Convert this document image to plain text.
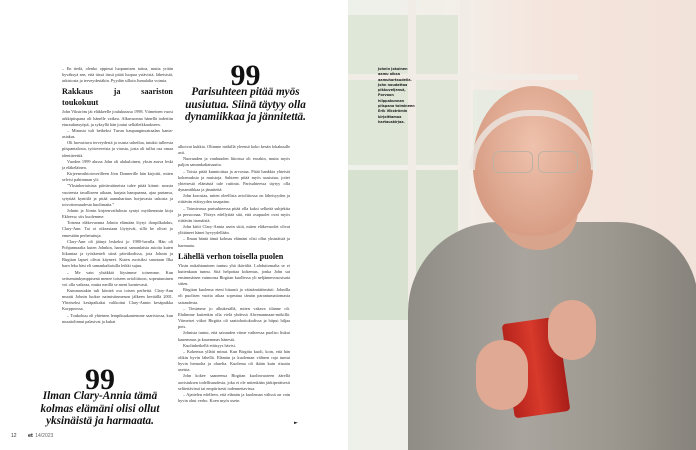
– En tiedä, olenko oppinut luopumisen taitoa, mutta yritän hyväksyä sen, että tässä iässä pitää luopua ystävistä, läheisistä, arkistosta ja terveydestäkin. Pyydän silloin Jumalalta voimia.

Rakkaus ja saariston toukokuut

John Vikström jäi eläkkeelle joulukuussa 1998. Viimeinen vuosi arkkipiispana oli hänelle vaikea. Alkuvuonna hänellä todettiin eturauhassyöpä, ja syksyllä hän joutui selkäleikkaukseen.

– Minusta tuli betkeksi Turun kaupunginsairaalan kanta-asiakas.

Oli luovuttava terveydestä ja osasta urheilua, tutuksi tulleesta piispantalosta, työtovereista ja virasta, josta oli tullut osa omaa identiteettiä.

Vuoden 1999 alussa John oli alakuloinen, yksin asuva leski ja eläkeläinen.

Kirjeenvaihtotoverilleen Jörn Donnerille hän kirjoitti, miten selvisi pahimman yli:

”Yksinkertaisista päivärutiineista tulee pitää kiinni: nousta vuoteesta tavalliseen aikaan, harjata hampaansa, ajaa partansa, sytyttää kynttilä ja pitää aamuhartaus horjuvasta uskosta ja toivottomuudesta huolimatta.”

Johnin ja Jörnin kirjeenvaihdosta syntyi myöhemmin kirja Ekleesw, sits kuolemme.

Toisena eläkevuonna Johnin elämään löytyi ilonpilkahdus, Clary-Ann. Tai oi oikeastaan löytyivät, sillä he olivat jo ennestään perhetuttuja.

Clary-Ann oli jäänyt leskeksi jo 1980-luvulla. Hän oli Pohjanmaalta kuten Johnkin, harrasti samanlaisia asioita kuten liikuntaa ja työskenteli siinä päiväkodissa, jota Johnin ja Birgitan lapset olivat käyneet. Kuten ruotsiksi sanotaan Ilka barn leka bäst eli samankaltaisilla leikki sujuu.

– Me vain yhtäkkiä löysimme toisemme. Kun seitsemänkymppisenä menee toiseen avioliittoon, sopeutuminen voi olla vaikeaa, mutta meillä se meni luontevasti.

Kummastakin tuli kiinteä osa toisen perhettä. Clary-Ann muutti Johnin luokse naimisiinmenon jälkeen keväällä 2001. Yhteiseksi kesäpaikaksi valikoitui Clary-Annin kesäpaikka Korppoossa.

– Toukokuu oli yhteinen lempikuukautemme saaristossa, kun muuttolinnut palasivat ja kukat

99
Parisuhteen pitää myös uusiutua. Siinä täytyy olla dynamiikkaa ja jännitettä.

alkoivat kukkia. Olimme mökillä yleensä koko kesän lokakuulle asti.

Nuoruuden ja vanhuuden liitoissa oli eroakin, mutta myös paljon samankaltaisuutta.

– Toista pitää kunnioittaa ja arvostaa. Pitää hankkia yhteisiä kokemuksia ja muistoja. Suhteen pitää myös uusiutua, jottei yhteisestä elämästä tule rutiinia. Parisuhteessa täytyy olla dynamiikkaa ja jännitettä.

John korostaa, miten oleellista avioliitossa on läheisyyden ja riittävän etäisyyden tasapaino.

– Toimivassa parisuhteessa pitää olla kaksi selkeää subjektia ja persoonaa. Yhteys edellyttää sitä, että osapuolet ovat myös riittävän itsenäisiä.

John kiitti Clary-Annia usein siitä, miten eläkevuodet olivat ylittäneet hänet hyvyydellään.

– Ilman häntä tämä kolmas elämäni olisi ollut yksinäistä ja harmaata.

Lähellä verhon toisella puolen

Yksin nukahtaminen tuntuu yhä ikävältä. Lohduttomalta se ei kuitenkaan tunnu. Sitä helpottaa kokemus, jonka John sai ensimmäisen vaimonsa Birgitan kuollessa yli neljännesvuosisata sitten.

Birgitan kuolema eteni hitaasti ja väistämättömästi. Johnilla oli puolisen vuotta aikaa sopeutua tämän parantumattomasta sairaudesta.

– Tiesimme jo alkukesällä, miten vakava tilanne oli. Ehdimme kuitenkin olla vielä yhdessä Ahvenanmaan-mökillä. Viimeiset viikot Birgitta oli saattohoitokodissa ja hiipui hiljaa pois.

Johnista tuntui, että sairauden viime vaiheessa puoliso liukui kauemmas ja kauemmas hänestä.

Kuolinhetkellä etäisyys hävisi.

– Kokemus yllätti minut. Kun Birgitta kuoli, koin, että hän olikin hyvin lähellä. Elämän ja kuoleman välinen raja tuntui hyvin hennolta ja ohuelta. Kuolema oli ikään kuin riisuttu aseista.

John kokee saaneensa Birgitan kuolinvuoteen äärellä aavistuksen todellisuudesta, joka ei ole mitenkään järkiperäisesti selitettävissä tai empiirisesti todennettavissa.

– Ajattelen edelleen, että elämän ja kuoleman välissä on vain hyvin ohut verho. Koen myös usein

99
Ilman Clary-Annia tämä kolmas elämäni olisi ollut yksinäistä ja harmaata.	►
12 et 14/2023
Johnin jokainen aamu alkaa aamuhartaudella. John noudattaa pikkuveljensä, Porvoon hiippakunnan piispana toimineen Erik Vikströmin kirjoittamaa hartauskirjaa.
